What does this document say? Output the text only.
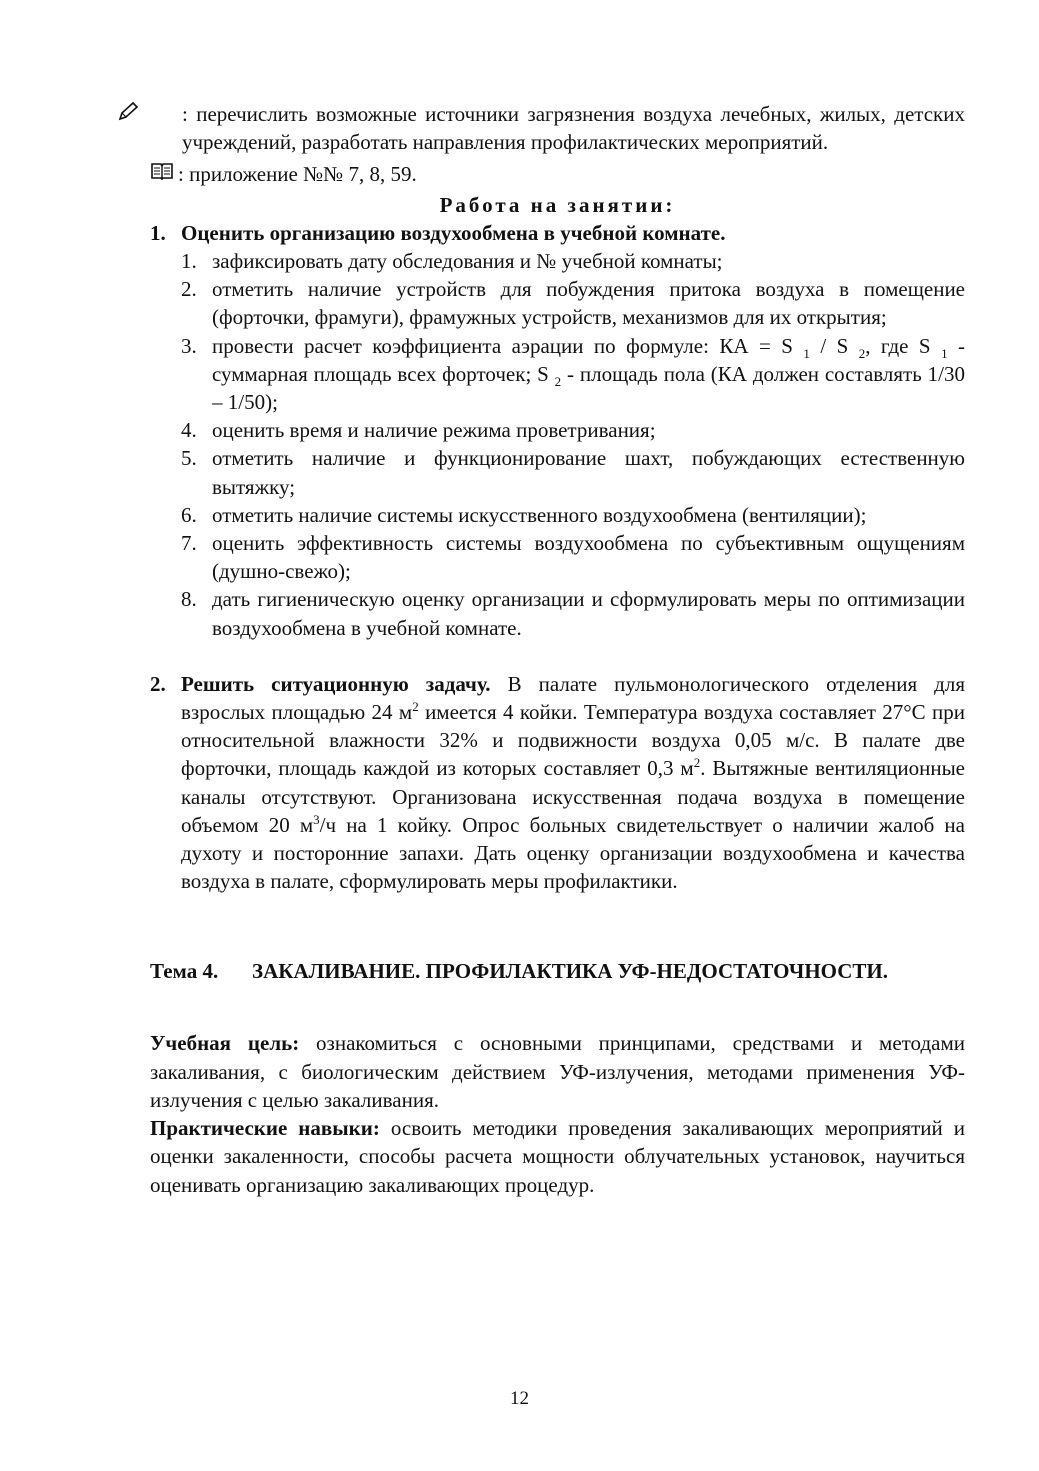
: перечислить возможные источники загрязнения воздуха лечебных, жилых, детских учреждений, разработать направления профилактических мероприятий.

: приложение №№ 7, 8, 59.

Работа на занятии:

1. Оценить организацию воздухообмена в учебной комнате.

1. зафиксировать дату обследования и № учебной комнаты;
2. отметить наличие устройств для побуждения притока воздуха в помещение (форточки, фрамуги), фрамужных устройств, механизмов для их открытия;
3. провести расчет коэффициента аэрации по формуле: КА = S $_1$ / S $_2$, где S $_1$ - суммарная площадь всех форточек; S $_2$ - площадь пола (КА должен составлять 1/30 – 1/50);
4. оценить время и наличие режима проветривания;
5. отметить наличие и функционирование шахт, побуждающих естественную вытяжку;
6. отметить наличие системы искусственного воздухообмена (вентиляции);
7. оценить эффективность системы воздухообмена по субъективным ощущениям (душно-свежо);
8. дать гигиеническую оценку организации и сформулировать меры по оптимизации воздухообмена в учебной комнате.
2. Решить ситуационную задачу. В палате пульмонологического отделения для взрослых площадью 24 $м^2$ имеется 4 койки. Температура воздуха составляет 27°С при относительной влажности 32% и подвижности воздуха 0,05 м/с. В палате две форточки, площадь каждой из которых составляет 0,3 $м^2$. Вытяжные вентиляционные каналы отсутствуют. Организована искусственная подача воздуха в помещение объемом 20 $м^3/ч$ на 1 койку. Опрос больных свидетельствует о наличии жалоб на духоту и посторонние запахи. Дать оценку организации воздухообмена и качества воздуха в палате, сформулировать меры профилактики.
Тема 4.	ЗАКАЛИВАНИЕ. ПРОФИЛАКТИКА УФ-НЕДОСТАТОЧНОСТИ.

Учебная цель: ознакомиться с основными принципами, средствами и методами закаливания, с биологическим действием УФ-излучения, методами применения УФ-излучения с целью закаливания.

Практические навыки: освоить методики проведения закаливающих мероприятий и оценки закаленности, способы расчета мощности облучательных установок, научиться оценивать организацию закаливающих процедур.

12
